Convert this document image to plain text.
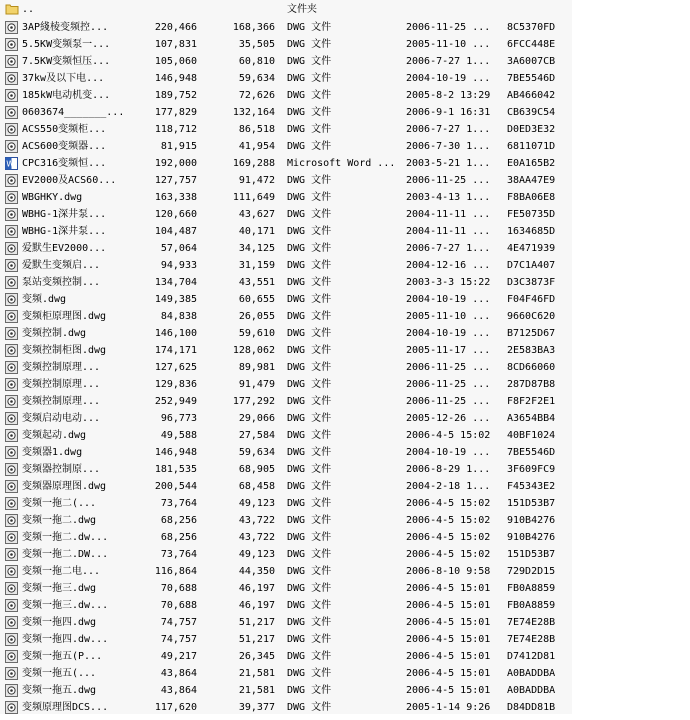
..	文件夹
3AP綫棱变频控...	220,466	168,366 DWG 文件	2006-11-25 ...	8C5370FD
5.5KW变频泵一...	107,831	35,505 DWG 文件	2005-11-10 ...	6FCC448E
7.5KW变频恒压...	105,060	60,810 DWG 文件	2006-7-27 1...	3A6007CB
37kw及以下电...	146,948	59,634 DWG 文件	2004-10-19 ...	7BE5546D
185kW电动机变...	189,752	72,626 DWG 文件	2005-8-2 13:29	AB466042
0603674_______...	177,829	132,164 DWG 文件	2006-9-1 16:31	CB639C54
ACS550变频柜...	118,712	86,518 DWG 文件	2006-7-27 1...	D0ED3E32
ACS600变频器...	81,915	41,954 DWG 文件	2006-7-30 1...	6811071D
W CPC316变频恒...	192,000	169,288 Microsoft Word ... 2003-5-21 1...	E0A165B2
EV2000及ACS60...	127,757	91,472 DWG 文件	2006-11-25 ...	38AA47E9
WBGHKY.dwg	163,338	111,649 DWG 文件	2003-4-13 1...	F8BA06E8
WBHG-1深井泵...	120,660	43,627 DWG 文件	2004-11-11 ...	FE50735D
WBHG-1深井泵...	104,487	40,171 DWG 文件	2004-11-11 ...	1634685D
爱默生EV2000...	57,064	34,125 DWG 文件	2006-7-27 1...	4E471939
爱默生变频启...	94,933	31,159 DWG 文件	2004-12-16 ...	D7C1A407
泵站变频控制...	134,704	43,551 DWG 文件	2003-3-3 15:22	D3C3873F
变频.dwg	149,385	60,655 DWG 文件	2004-10-19 ...	F04F46FD
变频柜原理图.dwg	84,838	26,055 DWG 文件	2005-11-10 ...	9660C620
变频控制.dwg	146,100	59,610 DWG 文件	2004-10-19 ...	B7125D67
变频控制柜图.dwg	174,171	128,062 DWG 文件	2005-11-17 ...	2E583BA3
变频控制原理...	127,625	89,981 DWG 文件	2006-11-25 ...	8CD66060
变频控制原理...	129,836	91,479 DWG 文件	2006-11-25 ...	287D87B8
变频控制原理...	252,949	177,292 DWG 文件	2006-11-25 ...	F8F2F2E1
变频启动电动...	96,773	29,066 DWG 文件	2005-12-26 ...	A3654BB4
变频起动.dwg	49,588	27,584 DWG 文件	2006-4-5 15:02	40BF1024
变频器1.dwg	146,948	59,634 DWG 文件	2004-10-19 ...	7BE5546D
变频器控制原...	181,535	68,905 DWG 文件	2006-8-29 1...	3F609FC9
变频器原理图.dwg	200,544	68,458 DWG 文件	2004-2-18 1...	F45343E2
变频一拖二(...	73,764	49,123 DWG 文件	2006-4-5 15:02	151D53B7
变频一拖二.dwg	68,256	43,722 DWG 文件	2006-4-5 15:02	910B4276
变频一拖二.dw...	68,256	43,722 DWG 文件	2006-4-5 15:02	910B4276
变频一拖二.DW...	73,764	49,123 DWG 文件	2006-4-5 15:02	151D53B7
变频一拖二电...	116,864	44,350 DWG 文件	2006-8-10 9:58	729D2D15
变频一拖三.dwg	70,688	46,197 DWG 文件	2006-4-5 15:01	FB0A8859
变频一拖三.dw...	70,688	46,197 DWG 文件	2006-4-5 15:01	FB0A8859
变频一拖四.dwg	74,757	51,217 DWG 文件	2006-4-5 15:01	7E74E28B
变频一拖四.dw...	74,757	51,217 DWG 文件	2006-4-5 15:01	7E74E28B
变频一拖五(P...	49,217	26,345 DWG 文件	2006-4-5 15:01	D7412D81
变频一拖五(...	43,864	21,581 DWG 文件	2006-4-5 15:01	A0BADDBA
变频一拖五.dwg	43,864	21,581 DWG 文件	2006-4-5 15:01	A0BADDBA
变频原理图DCS...	117,620	39,377 DWG 文件	2005-1-14 9:26	D84DD81B
